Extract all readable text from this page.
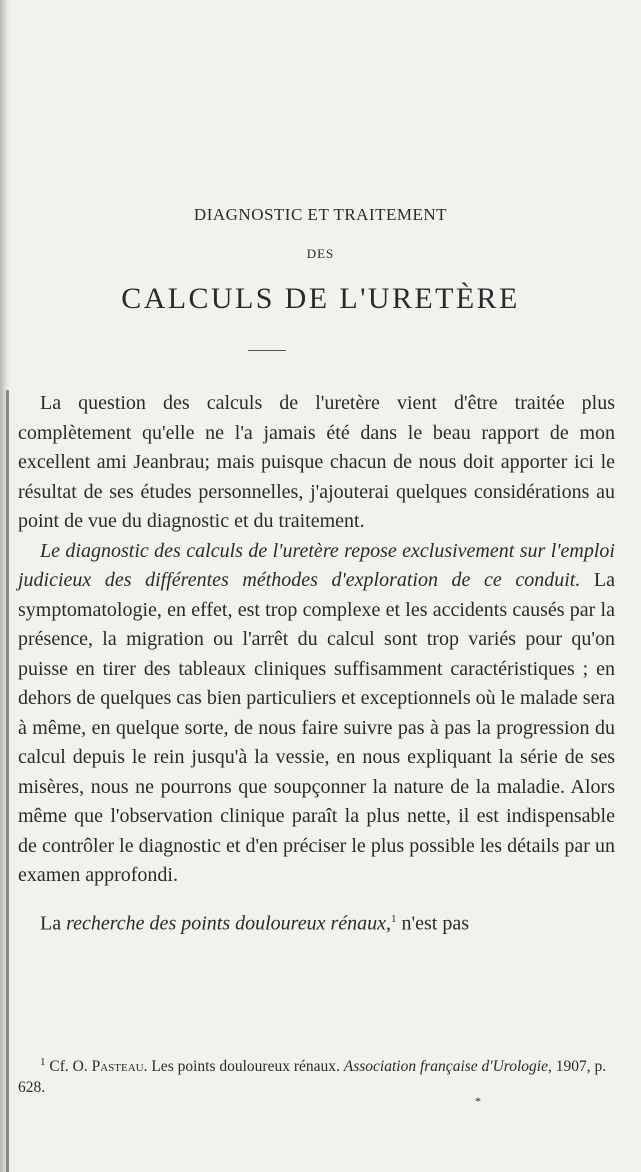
DIAGNOSTIC ET TRAITEMENT
DES
CALCULS DE L'URETÈRE

La question des calculs de l'uretère vient d'être traitée plus complètement qu'elle ne l'a jamais été dans le beau rapport de mon excellent ami Jeanbrau; mais puisque chacun de nous doit apporter ici le résultat de ses études personnelles, j'ajouterai quelques considérations au point de vue du diagnostic et du traitement.

Le diagnostic des calculs de l'uretère repose exclusivement sur l'emploi judicieux des différentes méthodes d'exploration de ce conduit. La symptomatologie, en effet, est trop complexe et les accidents causés par la présence, la migration ou l'arrêt du calcul sont trop variés pour qu'on puisse en tirer des tableaux cliniques suffisamment caractéristiques ; en dehors de quelques cas bien particuliers et exceptionnels où le malade sera à même, en quelque sorte, de nous faire suivre pas à pas la progression du calcul depuis le rein jusqu'à la vessie, en nous expliquant la série de ses misères, nous ne pourrons que soupçonner la nature de la maladie. Alors même que l'observation clinique paraît la plus nette, il est indispensable de contrôler le diagnostic et d'en préciser le plus possible les détails par un examen approfondi.

La recherche des points douloureux rénaux,$^1$ n'est pas

$^1$ Cf. O. Pasteau. Les points douloureux rénaux. Association française d'Urologie, 1907, p. 628.

*
